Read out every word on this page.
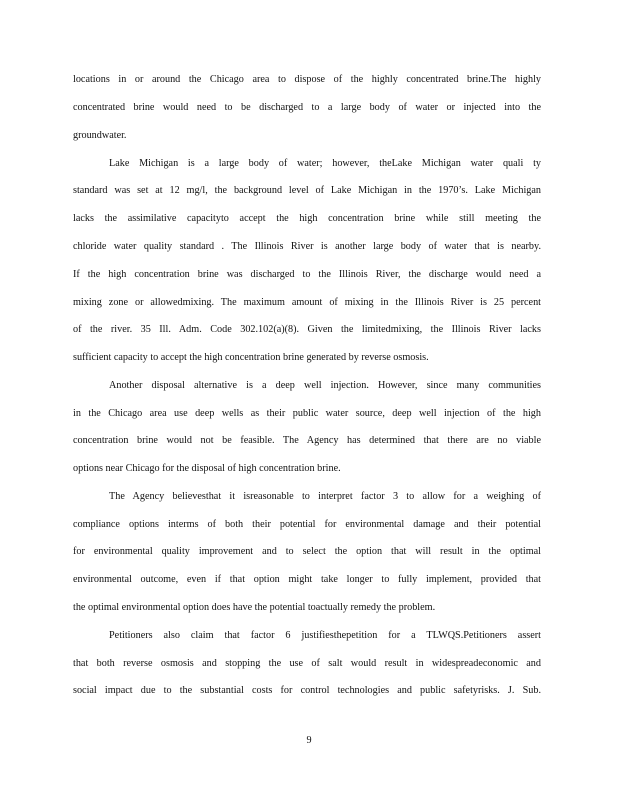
locations in or around the Chicago area to dispose of the highly concentrated brine.The highly
concentrated brine would need to be discharged to a large body of water or injected into the
groundwater.
Lake Michigan is a large body of water; however, theLake Michigan water quali ty
standard was set at 12 mg/l, the background level of Lake Michigan in the 1970’s. Lake Michigan
lacks the assimilative capacityto accept the high concentration brine while still meeting the
chloride water quality standard . The Illinois River is another large body of water that is nearby.
If the high concentration brine was discharged to the Illinois River, the discharge would need a
mixing zone or allowedmixing. The maximum amount of mixing in the Illinois River is 25 percent
of the river. 35 Ill. Adm. Code 302.102(a)(8). Given the limitedmixing, the Illinois River lacks
sufficient capacity to accept the high concentration brine generated by reverse osmosis.
Another disposal alternative is a deep well injection. However, since many communities
in the Chicago area use deep wells as their public water source, deep well injection of the high
concentration brine would not be feasible. The Agency has determined that there are no viable
options near Chicago for the disposal of high concentration brine.
The Agency believesthat it isreasonable to interpret factor 3 to allow for a weighing of
compliance options interms of both their potential for environmental damage and their potential
for environmental quality improvement and to select the option that will result in the optimal
environmental outcome, even if that option might take longer to fully implement, provided that
the optimal environmental option does have the potential toactually remedy the problem.
Petitioners also claim that factor 6 justifiesthepetition for a TLWQS.Petitioners assert
that both reverse osmosis and stopping the use of salt would result in widespreadeconomic and
social impact due to the substantial costs for control technologies and public safetyrisks. J. Sub.
9
